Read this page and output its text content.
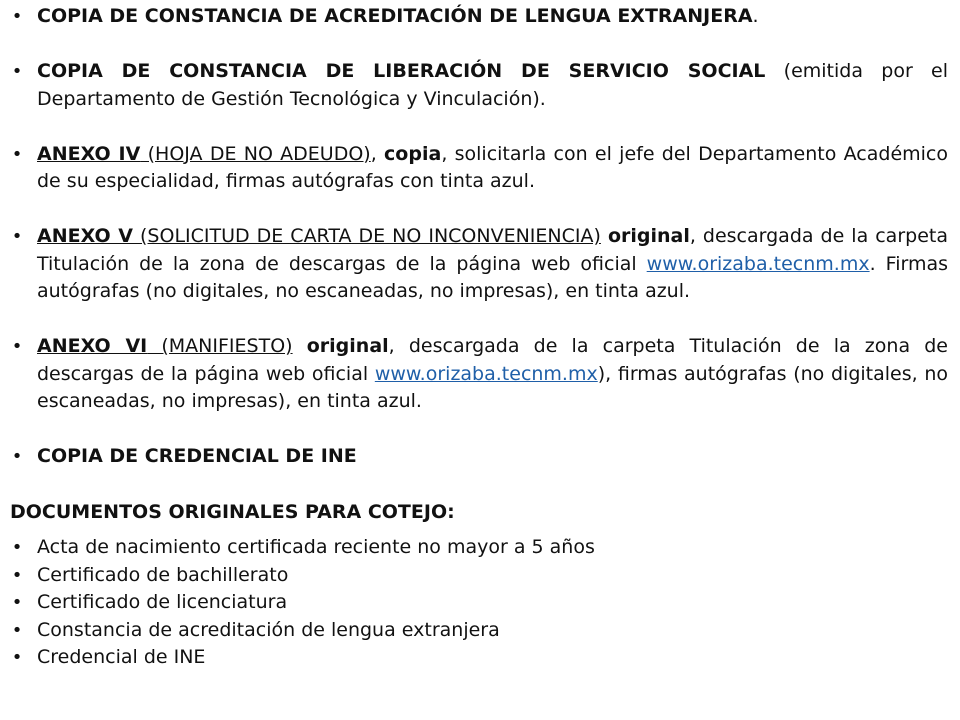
• COPIA DE CONSTANCIA DE ACREDITACIÓN DE LENGUA EXTRANJERA.
• COPIA DE CONSTANCIA DE LIBERACIÓN DE SERVICIO SOCIAL (emitida por el Departamento de Gestión Tecnológica y Vinculación).
• ANEXO IV (HOJA DE NO ADEUDO), copia, solicitarla con el jefe del Departamento Académico de su especialidad, firmas autógrafas con tinta azul.
• ANEXO V (SOLICITUD DE CARTA DE NO INCONVENIENCIA) original, descargada de la carpeta Titulación de la zona de descargas de la página web oficial www.orizaba.tecnm.mx. Firmas autógrafas (no digitales, no escaneadas, no impresas), en tinta azul.
• ANEXO VI (MANIFIESTO) original, descargada de la carpeta Titulación de la zona de descargas de la página web oficial www.orizaba.tecnm.mx), firmas autógrafas (no digitales, no escaneadas, no impresas), en tinta azul.
• COPIA DE CREDENCIAL DE INE
DOCUMENTOS ORIGINALES PARA COTEJO:
• Acta de nacimiento certificada reciente no mayor a 5 años
• Certificado de bachillerato
• Certificado de licenciatura
• Constancia de acreditación de lengua extranjera
• Credencial de INE
